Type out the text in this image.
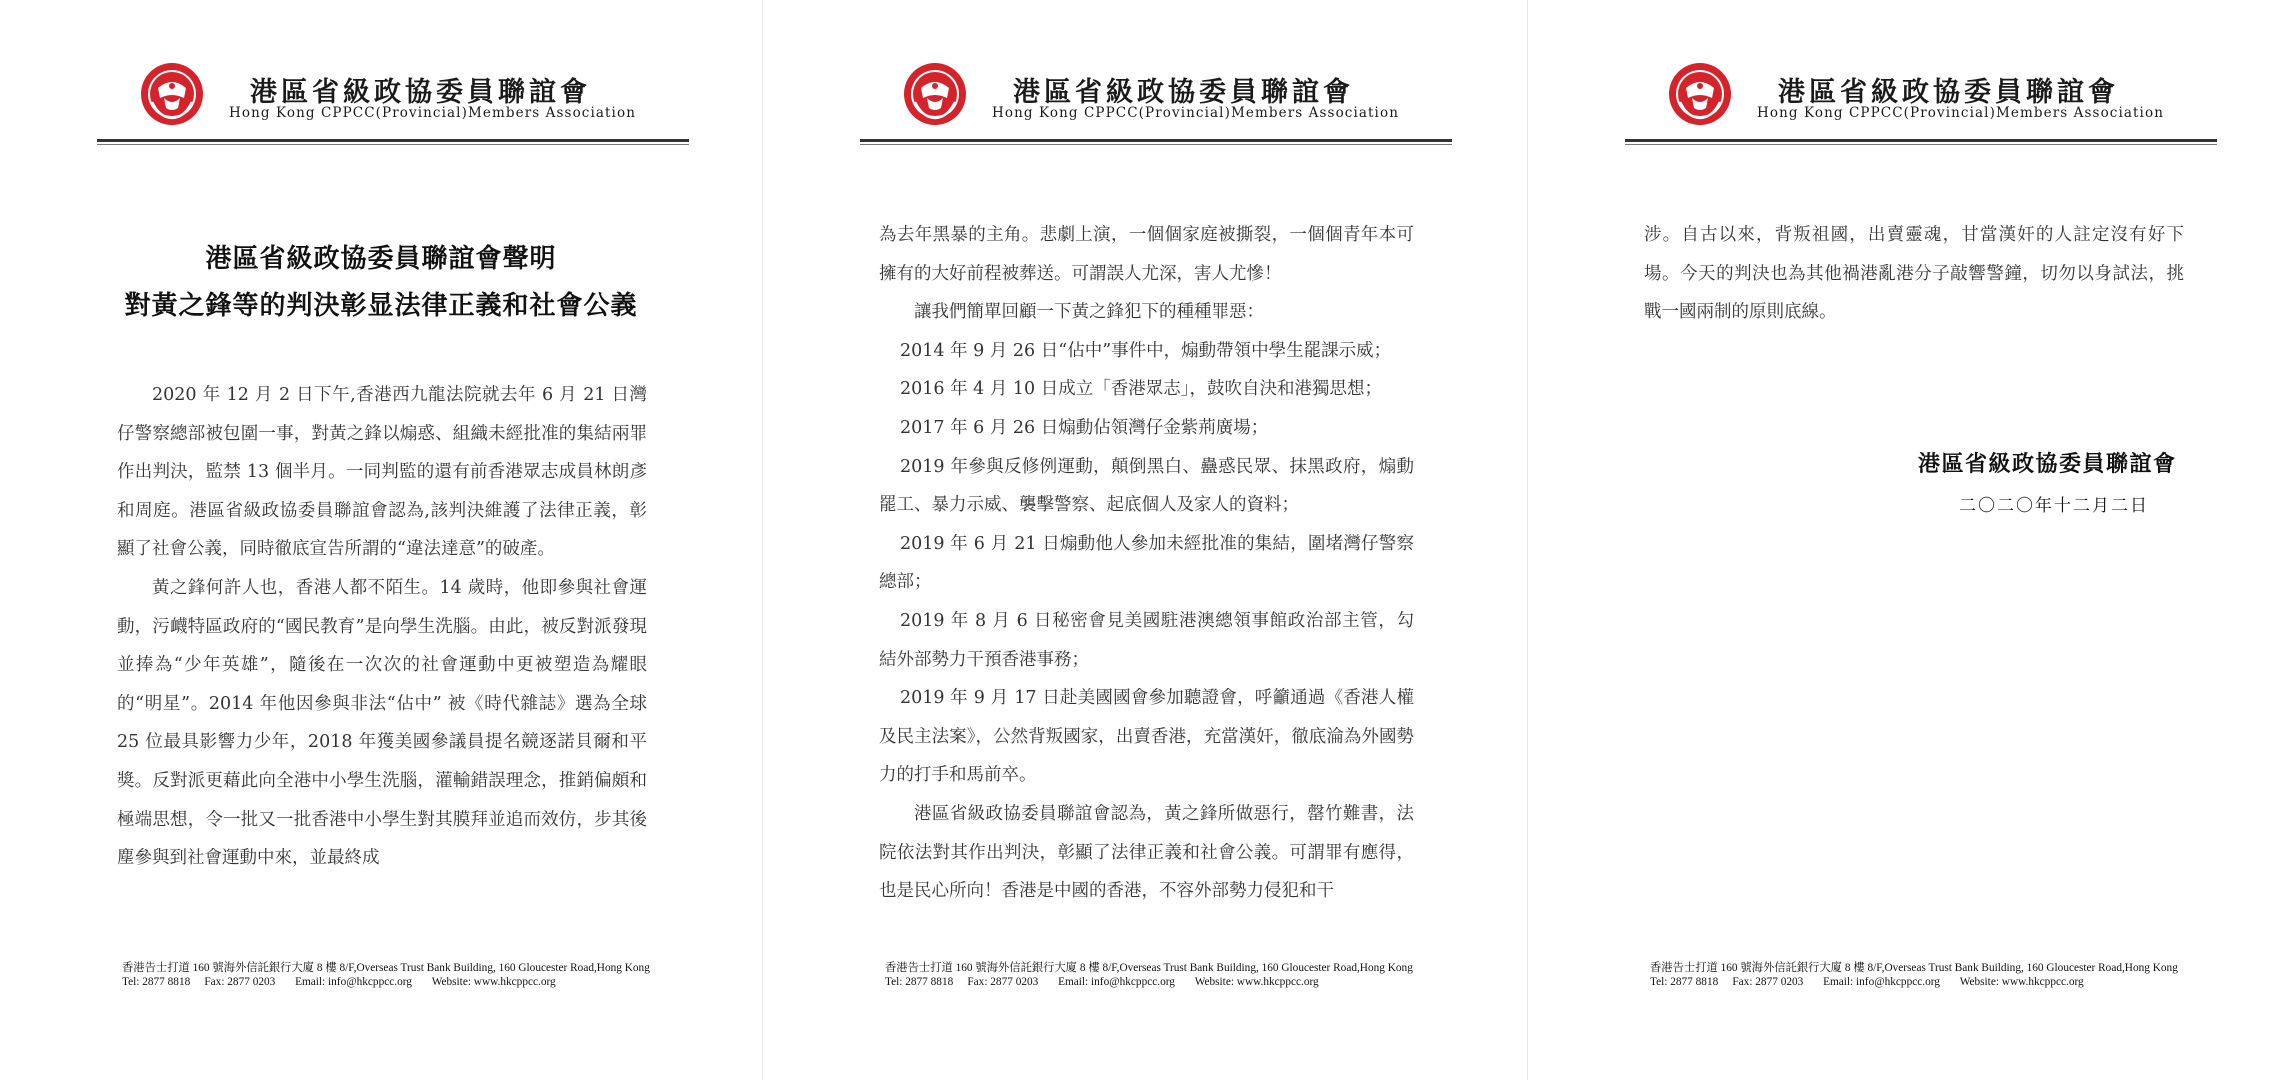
港區省級政協委員聯誼會
Hong Kong CPPCC(Provincial)Members Association
港區省級政協委員聯誼會聲明
對黃之鋒等的判決彰显法律正義和社會公義

2020 年 12 月 2 日下午,香港西九龍法院就去年 6 月 21 日灣仔警察總部被包圍一事，對黃之鋒以煽惑、組織未經批准的集結兩罪作出判決，監禁 13 個半月。一同判監的還有前香港眾志成員林朗彥和周庭。港區省級政協委員聯誼會認為,該判決維護了法律正義，彰顯了社會公義，同時徹底宣告所謂的“違法達意”的破產。

黃之鋒何許人也，香港人都不陌生。14 歲時，他即參與社會運動，污衊特區政府的“國民教育”是向學生洗腦。由此，被反對派發現並捧為“少年英雄”，隨後在一次次的社會運動中更被塑造為耀眼的“明星”。2014 年他因參與非法“佔中” 被《時代雜誌》選為全球 25 位最具影響力少年，2018 年獲美國參議員提名競逐諾貝爾和平獎。反對派更藉此向全港中小學生洗腦，灌輸錯誤理念，推銷偏頗和極端思想，令一批又一批香港中小學生對其膜拜並追而效仿，步其後塵參與到社會運動中來，並最終成

香港告士打道 160 號海外信託銀行大廈 8 樓 8/F,Overseas Trust Bank Building, 160 Gloucester Road,Hong Kong
Tel: 2877 8818 Fax: 2877 0203 Email: info@hkcppcc.org Website: www.hkcppcc.org
港區省級政協委員聯誼會
Hong Kong CPPCC(Provincial)Members Association

為去年黑暴的主角。悲劇上演，一個個家庭被撕裂，一個個青年本可擁有的大好前程被葬送。可謂誤人尤深，害人尤慘！

讓我們簡單回顧一下黃之鋒犯下的種種罪惡：

2014 年 9 月 26 日“佔中”事件中，煽動帶領中學生罷課示威；

2016 年 4 月 10 日成立「香港眾志」，鼓吹自決和港獨思想；

2017 年 6 月 26 日煽動佔領灣仔金紫荊廣場；

2019 年參與反修例運動，顛倒黑白、蠱惑民眾、抹黑政府，煽動罷工、暴力示威、襲擊警察、起底個人及家人的資料；

2019 年 6 月 21 日煽動他人參加未經批准的集結，圍堵灣仔警察總部；

2019 年 8 月 6 日秘密會見美國駐港澳總領事館政治部主管，勾結外部勢力干預香港事務；

2019 年 9 月 17 日赴美國國會參加聽證會，呼籲通過《香港人權及民主法案》，公然背叛國家，出賣香港，充當漢奸，徹底淪為外國勢力的打手和馬前卒。

港區省級政協委員聯誼會認為，黃之鋒所做惡行，罄竹難書，法院依法對其作出判決，彰顯了法律正義和社會公義。可謂罪有應得，也是民心所向！香港是中國的香港，不容外部勢力侵犯和干

香港告士打道 160 號海外信託銀行大廈 8 樓 8/F,Overseas Trust Bank Building, 160 Gloucester Road,Hong Kong
Tel: 2877 8818 Fax: 2877 0203 Email: info@hkcppcc.org Website: www.hkcppcc.org
港區省級政協委員聯誼會
Hong Kong CPPCC(Provincial)Members Association

涉。自古以來，背叛祖國，出賣靈魂，甘當漢奸的人註定沒有好下場。今天的判決也為其他禍港亂港分子敲響警鐘，切勿以身試法，挑戰一國兩制的原則底線。

港區省級政協委員聯誼會
二〇二〇年十二月二日
香港告士打道 160 號海外信託銀行大廈 8 樓 8/F,Overseas Trust Bank Building, 160 Gloucester Road,Hong Kong
Tel: 2877 8818 Fax: 2877 0203 Email: info@hkcppcc.org Website: www.hkcppcc.org
